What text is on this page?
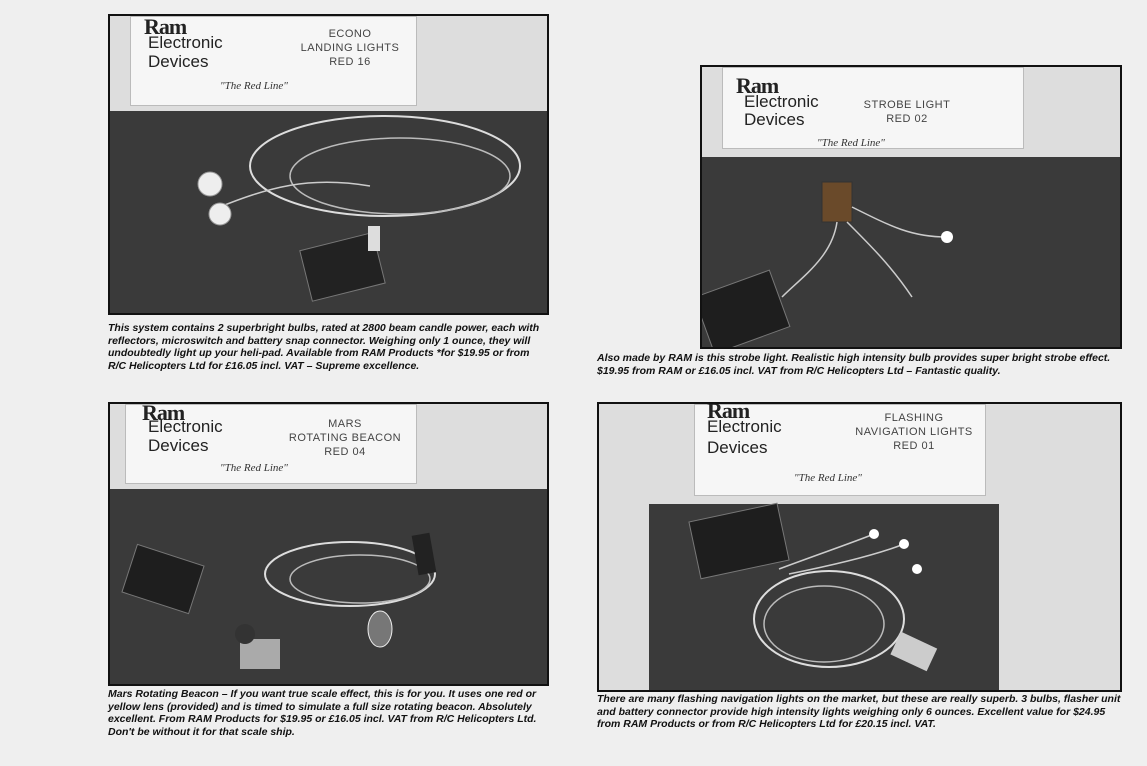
Ram
Electronic
Devices
"The Red Line"
ECONO
LANDING LIGHTS
RED 16
This system contains 2 superbright bulbs, rated at 2800 beam candle power, each with reflectors, microswitch and battery snap connector. Weighing only 1 ounce, they will undoubtedly light up your heli-pad. Available from RAM Products *for $19.95 or from R/C Helicopters Ltd for £16.05 incl. VAT – Supreme excellence.
Ram
Electronic
Devices
"The Red Line"
STROBE LIGHT
RED 02
Also made by RAM is this strobe light. Realistic high intensity bulb provides super bright strobe effect. $19.95 from RAM or £16.05 incl. VAT from R/C Helicopters Ltd – Fantastic quality.
Ram
Electronic
Devices
"The Red Line"
MARS
ROTATING BEACON
RED 04
Mars Rotating Beacon – If you want true scale effect, this is for you. It uses one red or yellow lens (provided) and is timed to simulate a full size rotating beacon. Absolutely excellent. From RAM Products for $19.95 or £16.05 incl. VAT from R/C Helicopters Ltd. Don't be without it for that scale ship.
Ram
Electronic
Devices
"The Red Line"
FLASHING
NAVIGATION LIGHTS
RED 01
There are many flashing navigation lights on the market, but these are really superb. 3 bulbs, flasher unit and battery connector provide high intensity lights weighing only 6 ounces. Excellent value for $24.95 from RAM Products or from R/C Helicopters Ltd for £20.15 incl. VAT.
